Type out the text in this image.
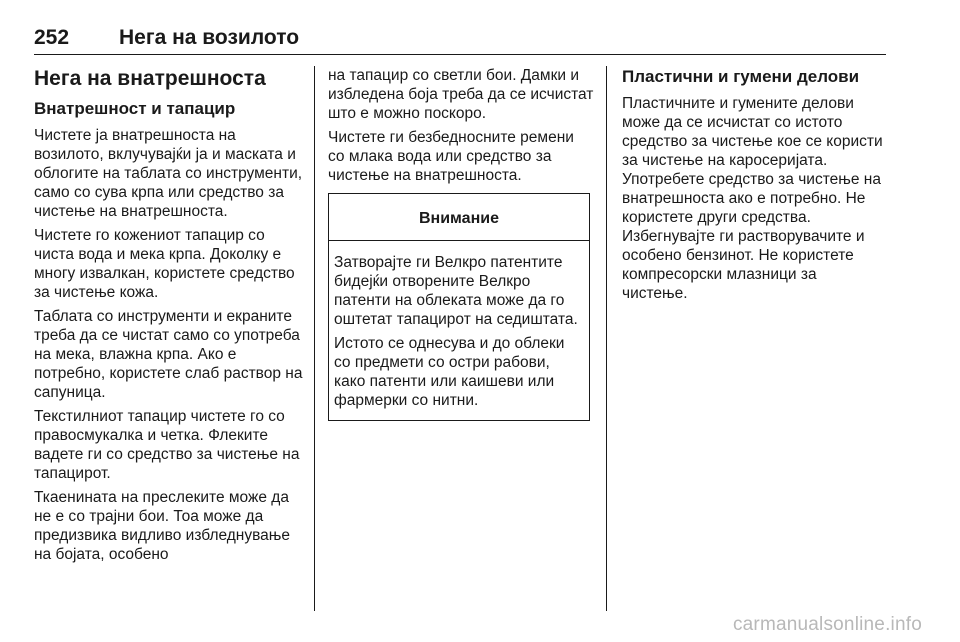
252	Нега на возилото
Нега на внатрешноста
Внатрешност и тапацир

Чистете ја внатрешноста на возилото, вклучувајќи ја и маската и облогите на таблата со инструменти, само со сува крпа или средство за чистење на внатрешноста.

Чистете го кожениот тапацир со чиста вода и мека крпа. Доколку е многу извалкан, користете средство за чистење кожа.

Таблата со инструменти и екраните треба да се чистат само со употреба на мека, влажна крпа. Ако е потребно, користете слаб раствор на сапуница.

Текстилниот тапацир чистете го со правосмукалка и четка. Флеките вадете ги со средство за чистење на тапацирот.

Ткаенината на преслеките може да не е со трајни бои. Тоа може да предизвика видливо избледнување на бојата, особено

на тапацир со светли бои. Дамки и избледена боја треба да се исчистат што е можно поскоро.

Чистете ги безбедносните ремени со млака вода или средство за чистење на внатрешноста.

Внимание

Затворајте ги Велкро патентите бидејќи отворените Велкро патенти на облеката може да го оштетат тапацирот на седиштата.

Истото се однесува и до облеки со предмети со остри рабови, како патенти или каишеви или фармерки со нитни.

Пластични и гумени делови

Пластичните и гумените делови може да се исчистат со истото средство за чистење кое се користи за чистење на каросеријата. Употребете средство за чистење на внатрешноста ако е потребно. Не користете други средства. Избегнувајте ги растворувачите и особено бензинот. Не користете компресорски млазници за чистење.

carmanualsonline.info
